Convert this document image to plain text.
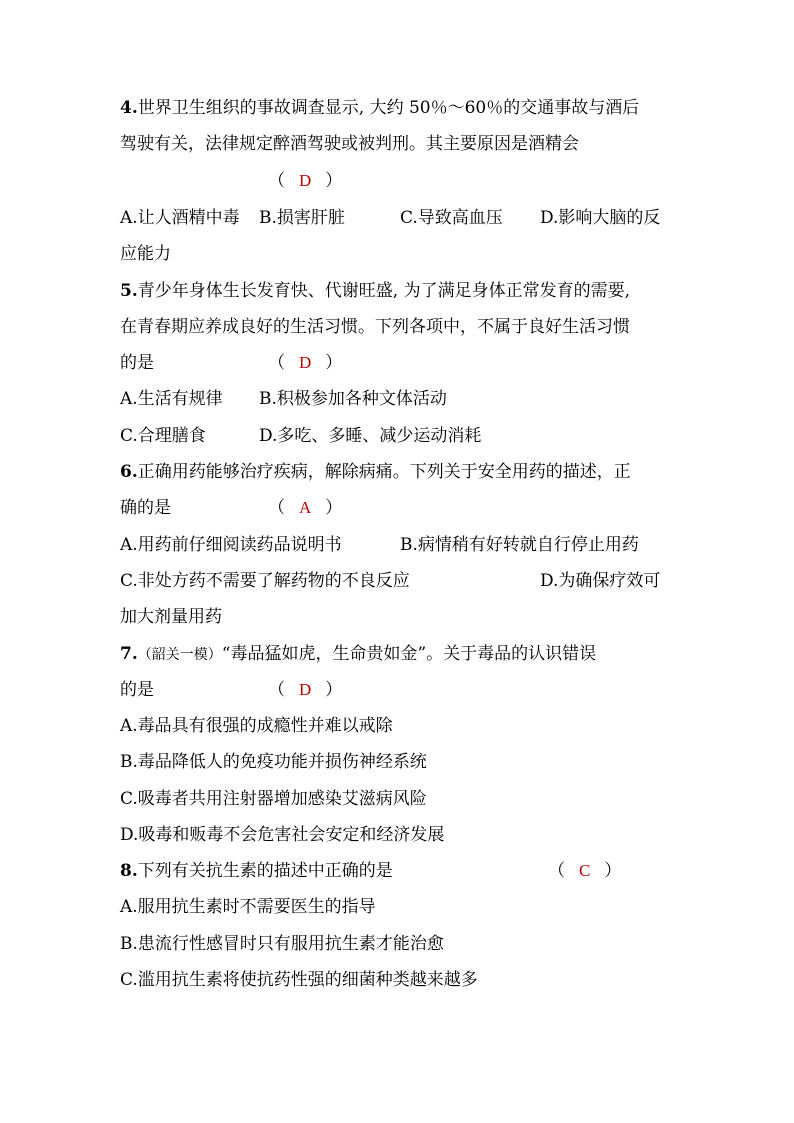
4.世界卫生组织的事故调查显示, 大约 50％～60％的交通事故与酒后
驾驶有关，法律规定醉酒驾驶或被判刑。其主要原因是酒精会
（ D ）
A.让人酒精中毒 B.损害肝脏	C.导致高血压 D.影响大脑的反
应能力
5.青少年身体生长发育快、代谢旺盛, 为了满足身体正常发育的需要,
在青春期应养成良好的生活习惯。下列各项中，不属于良好生活习惯
的是	（ D ）
A.生活有规律 B.积极参加各种文体活动
C.合理膳食	D.多吃、多睡、减少运动消耗
6.正确用药能够治疗疾病，解除病痛。下列关于安全用药的描述，正
确的是	（ A ）
A.用药前仔细阅读药品说明书	B.病情稍有好转就自行停止用药
C.非处方药不需要了解药物的不良反应	D.为确保疗效可
加大剂量用药
7.（韶关一模）“毒品猛如虎，生命贵如金”。关于毒品的认识错误
的是	（ D ）
A.毒品具有很强的成瘾性并难以戒除
B.毒品降低人的免疫功能并损伤神经系统
C.吸毒者共用注射器增加感染艾滋病风险
D.吸毒和贩毒不会危害社会安定和经济发展
8.下列有关抗生素的描述中正确的是	（ C ）
A.服用抗生素时不需要医生的指导
B.患流行性感冒时只有服用抗生素才能治愈
C.滥用抗生素将使抗药性强的细菌种类越来越多
